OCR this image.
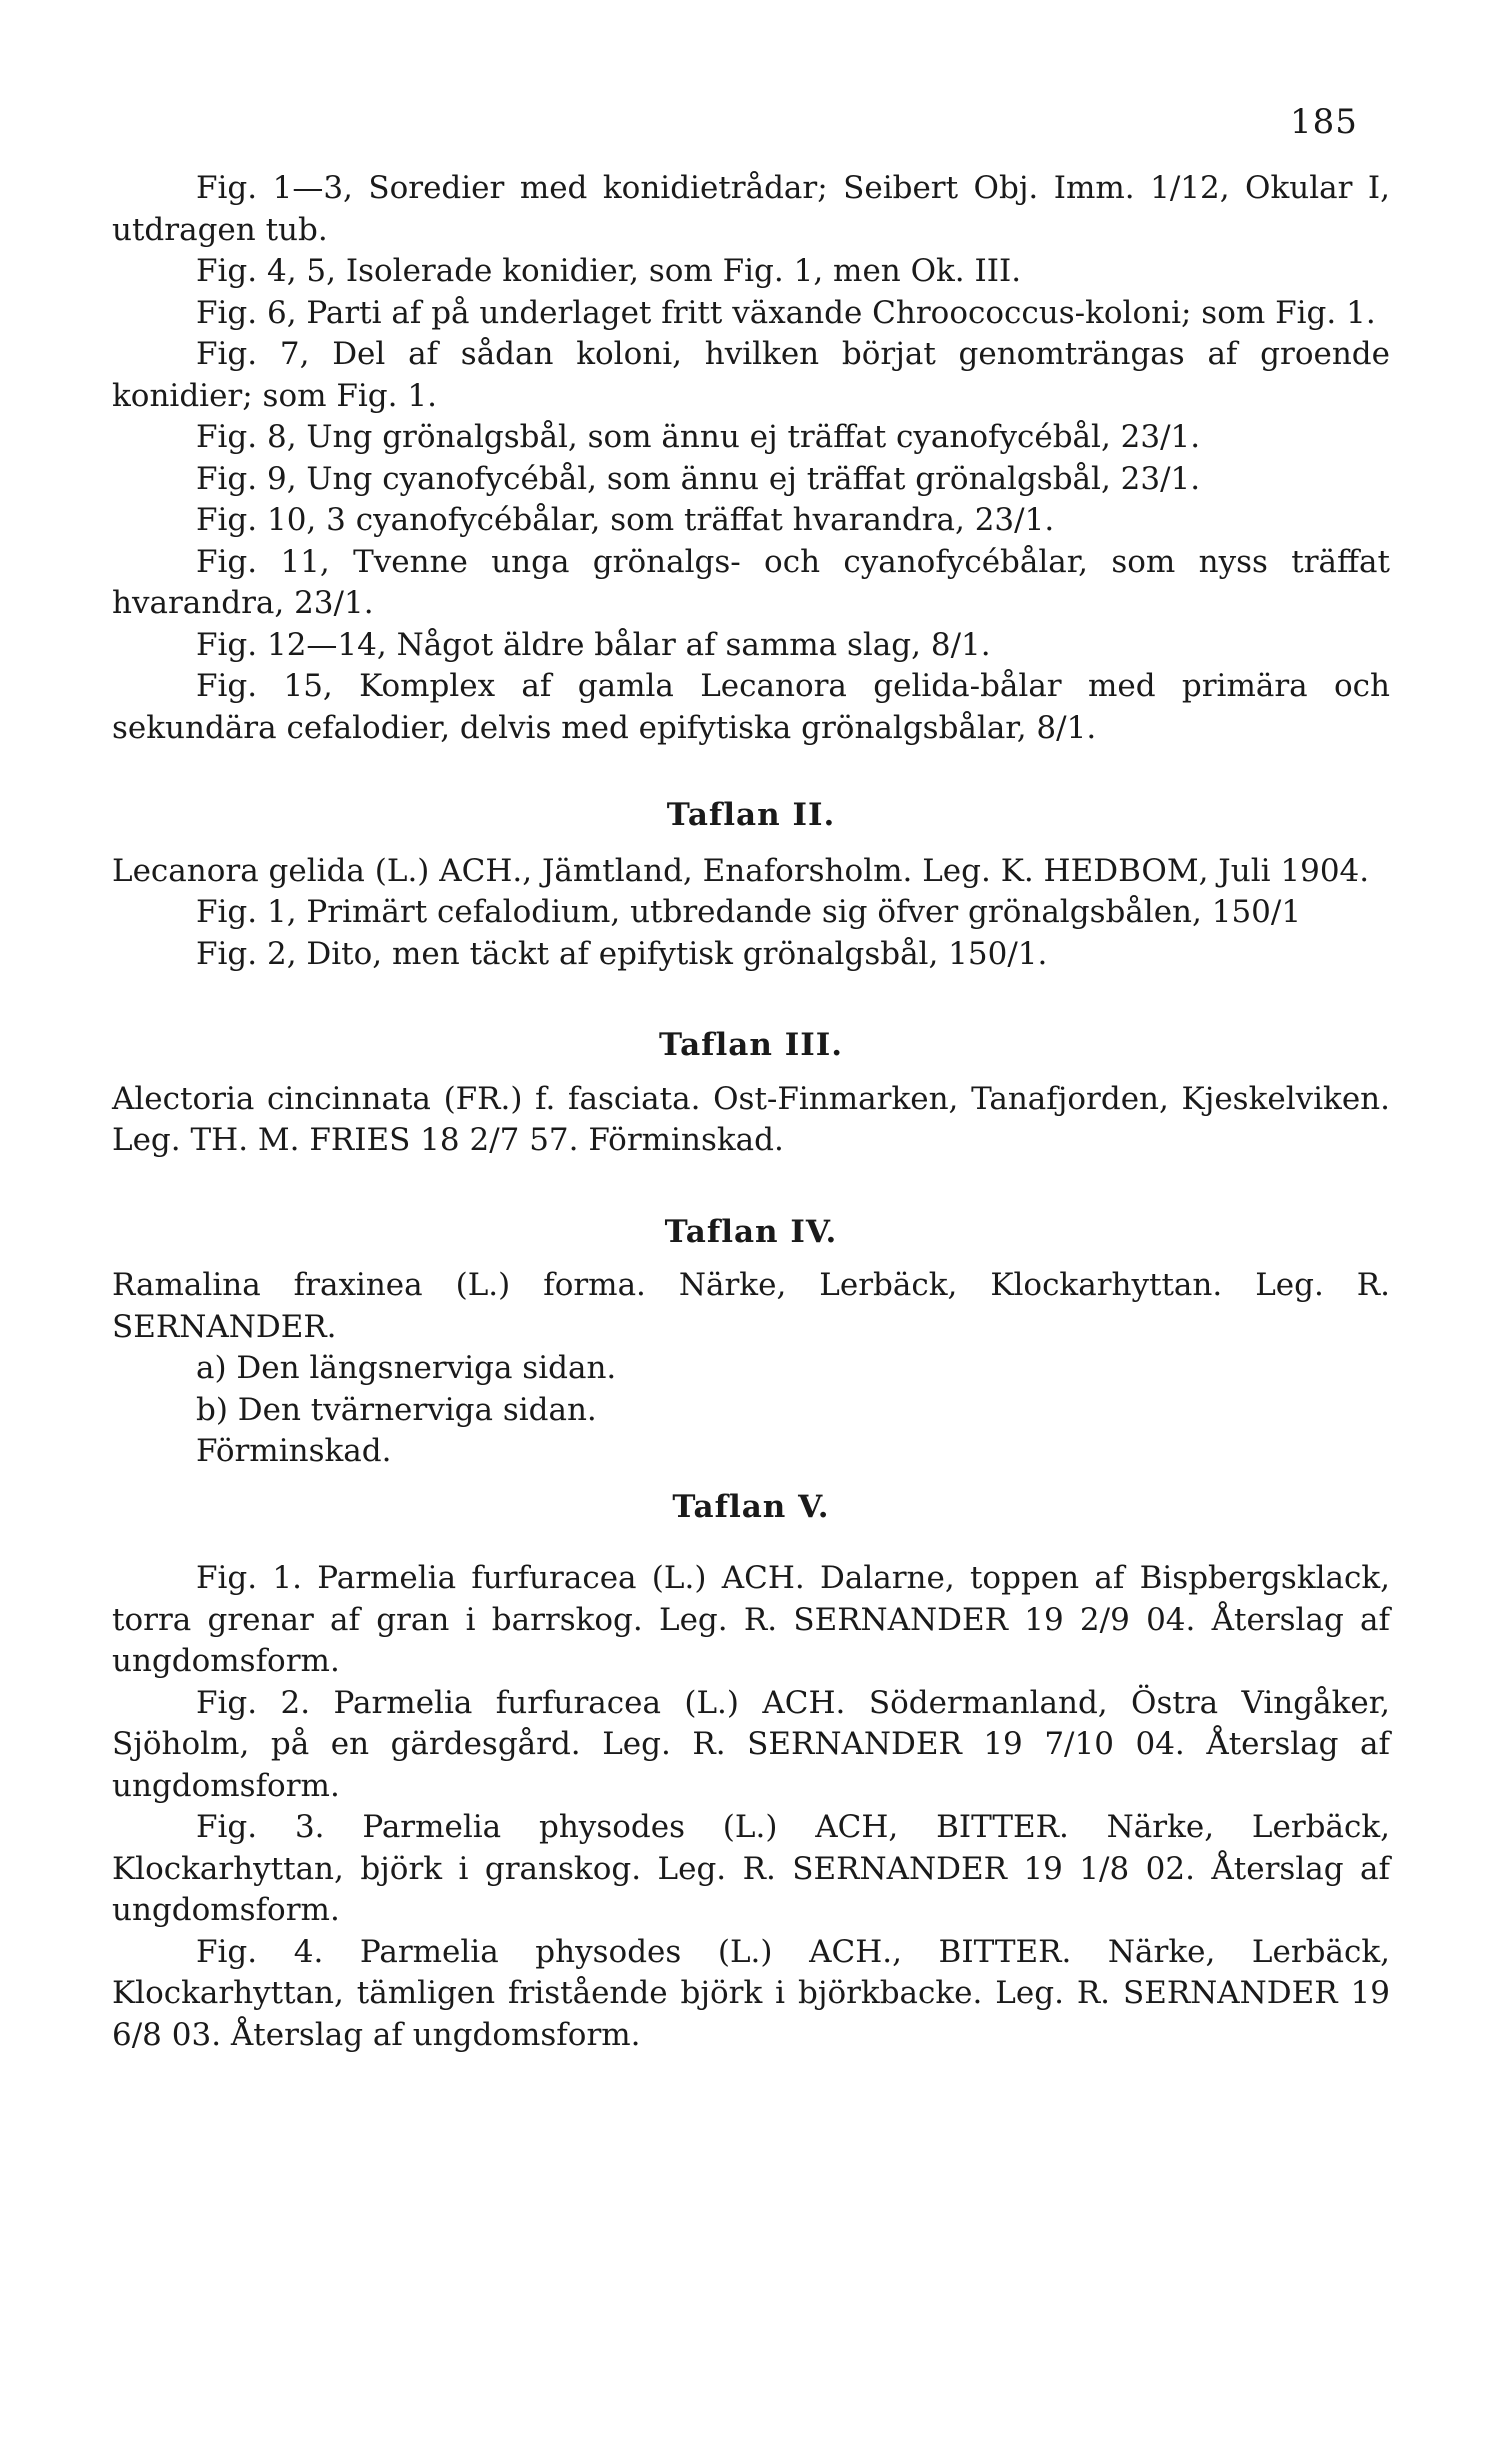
185

Fig. 1—3, Soredier med konidietrådar; Seibert Obj. Imm. 1/12, Okular I, utdragen tub.

Fig. 4, 5, Isolerade konidier, som Fig. 1, men Ok. III.

Fig. 6, Parti af på underlaget fritt växande Chroococcus-koloni; som Fig. 1.

Fig. 7, Del af sådan koloni, hvilken börjat genomträngas af groende konidier; som Fig. 1.

Fig. 8, Ung grönalgsbål, som ännu ej träffat cyanofycébål, 23/1.

Fig. 9, Ung cyanofycébål, som ännu ej träffat grönalgsbål, 23/1.

Fig. 10, 3 cyanofycébålar, som träffat hvarandra, 23/1.

Fig. 11, Tvenne unga grönalgs- och cyanofycébålar, som nyss träffat hvarandra, 23/1.

Fig. 12—14, Något äldre bålar af samma slag, 8/1.

Fig. 15, Komplex af gamla Lecanora gelida-bålar med primära och sekundära cefalodier, delvis med epifytiska grönalgsbålar, 8/1.

Taflan II.

Lecanora gelida (L.) ACH., Jämtland, Enaforsholm. Leg. K. HEDBOM, Juli 1904.

Fig. 1, Primärt cefalodium, utbredande sig öfver grönalgsbålen, 150/1

Fig. 2, Dito, men täckt af epifytisk grönalgsbål, 150/1.

Taflan III.

Alectoria cincinnata (FR.) f. fasciata. Ost-Finmarken, Tanafjorden, Kjeskelviken. Leg. TH. M. FRIES 18 2/7 57. Förminskad.

Taflan IV.

Ramalina fraxinea (L.) forma. Närke, Lerbäck, Klockarhyttan. Leg. R. SERNANDER.

a) Den längsnerviga sidan.

b) Den tvärnerviga sidan.

Förminskad.

Taflan V.

Fig. 1. Parmelia furfuracea (L.) ACH. Dalarne, toppen af Bispbergsklack, torra grenar af gran i barrskog. Leg. R. SERNANDER 19 2/9 04. Återslag af ungdomsform.

Fig. 2. Parmelia furfuracea (L.) ACH. Södermanland, Östra Vingåker, Sjöholm, på en gärdesgård. Leg. R. SERNANDER 19 7/10 04. Återslag af ungdomsform.

Fig. 3. Parmelia physodes (L.) ACH, BITTER. Närke, Lerbäck, Klockarhyttan, björk i granskog. Leg. R. SERNANDER 19 1/8 02. Återslag af ungdomsform.

Fig. 4. Parmelia physodes (L.) ACH., BITTER. Närke, Lerbäck, Klockarhyttan, tämligen fristående björk i björkbacke. Leg. R. SERNANDER 19 6/8 03. Återslag af ungdomsform.
